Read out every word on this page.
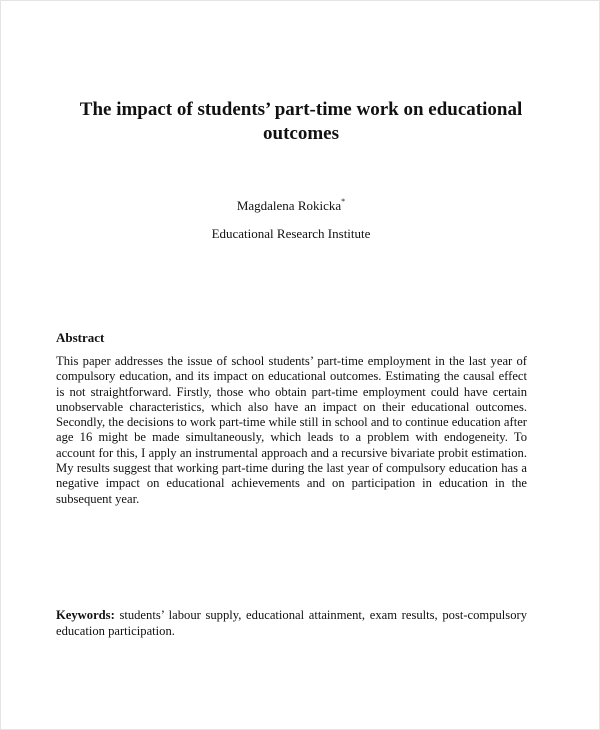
The impact of students’ part-time work on educational outcomes
Magdalena Rokicka*
Educational Research Institute
Abstract

This paper addresses the issue of school students’ part-time employment in the last year of compulsory education, and its impact on educational outcomes. Estimating the causal effect is not straightforward. Firstly, those who obtain part-time employment could have certain unobservable characteristics, which also have an impact on their educational outcomes. Secondly, the decisions to work part-time while still in school and to continue education after age 16 might be made simultaneously, which leads to a problem with endogeneity. To account for this, I apply an instrumental approach and a recursive bivariate probit estimation. My results suggest that working part-time during the last year of compulsory education has a negative impact on educational achievements and on participation in education in the subsequent year.

Keywords: students’ labour supply, educational attainment, exam results, post-compulsory education participation.
